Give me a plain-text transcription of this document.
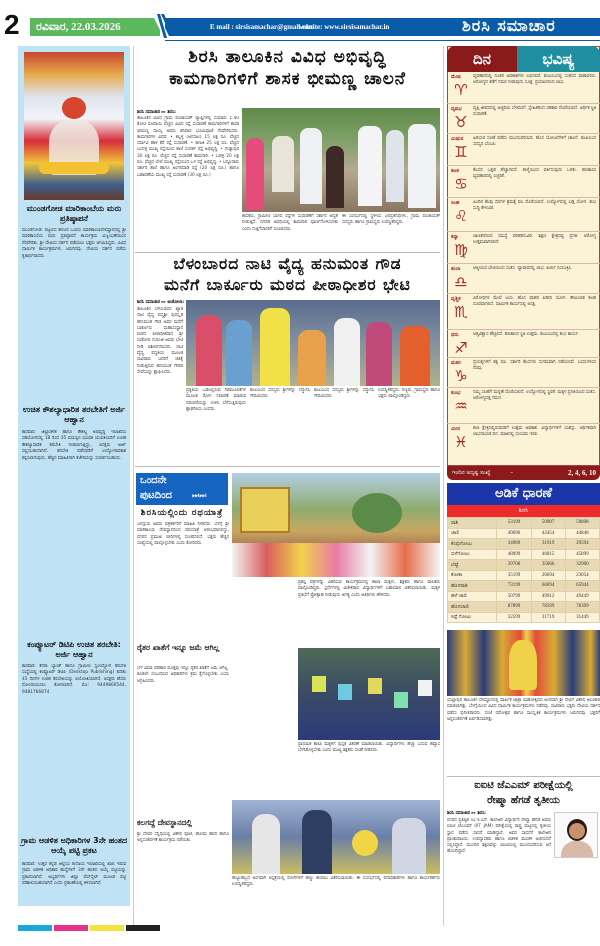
2	ರವಿವಾರ, 22.03.2026	E mail : sirsisamachar@gmail.com
website: www.sirsisamachar.in	ಶಿರಸಿ ಸಮಾಚಾರ
ಮುಂಡಗೋಡ ಮಾರಿಕಾಂಬೆಯ ಮರು ಪ್ರತಿಷ್ಠಾಪನೆ
ಮುಂಡಗೋಡ: ಪಟ್ಟಣದ ಹಳೂರ ಓಣಿಯ ಮಾರಿಕಾಂಬಾದೇವಸ್ಥಾನದಲ್ಲಿ ಶ್ರೀ ಮಾರಿಕಾಂಬೆಯ ಮರು ಪ್ರತಿಷ್ಠಾಪನೆ ಕಾರ್ಯಕ್ರಮ ವಿಜೃಂಭಣೆಯಿಂದ ನೆರವೇರಿತು. ಶ್ರೀ ದೇವಿಯ ದರ್ಶನ ಪಡೆಯಲು ಭಕ್ತರು ಆಗಮಿಸಿದ್ದರು. ವಿವಿಧ ಧಾರ್ಮಿಕ ಕಾರ್ಯಕ್ರಮಗಳು ಜರುಗಿದವು. ದೇವಿಯ ದರ್ಶನ ಪಡೆದು ಕೃತಾರ್ಥರಾದರು.
ಉಚಿತ ಕೌಶಲ್ಯಾಧಾರಿತ ತರಬೇತಿಗೆ ಅರ್ಜಿ ಆಹ್ವಾನ
ಕಾರವಾರ: ಜಿಲ್ಲಾಡಳಿತ ಹಾಗೂ ಕೌಶಲ್ಯ ಅಭಿವೃದ್ಧಿ ಇಲಾಖೆಯ ಸಹಯೋಗದಲ್ಲಿ 18 ರಿಂದ 35 ವಯಸ್ಸಿನ ಯುವಕ ಯುವತಿಯರಿಗೆ ಉಚಿತ ಕೌಶಲ್ಯಾಧಾರಿತ ತರಬೇತಿ ನೀಡಲಾಗುತ್ತಿದ್ದು, ಆಸಕ್ತರು ಅರ್ಜಿ ಸಲ್ಲಿಸಬಹುದಾಗಿದೆ. ತರಬೇತಿ ಪಡೆದವರಿಗೆ ಉದ್ಯೋಗಾವಕಾಶ ಕಲ್ಪಿಸಲಾಗುವುದು. ಹೆಚ್ಚಿನ ಮಾಹಿತಿಗಾಗಿ ಕಚೇರಿಯನ್ನು ಸಂಪರ್ಕಿಸಬಹುದು.
ಕಂಪ್ಯೂಟರ್ ಡಿಟಿಪಿ ಉಚಿತ ತರಬೇತಿ: ಅರ್ಜಿ ಆಹ್ವಾನ
ಕಾರವಾರ: ಕೆನರಾ ಬ್ಯಾಂಕ್ ಹಾಗೂ ಗ್ರಾಮೀಣ ಸ್ವಉದ್ಯೋಗ ತರಬೇತಿ ಸಂಸ್ಥೆಯಲ್ಲಿ ಕಂಪ್ಯೂಟರ್ ಡಿಟಿಪಿ (Desktop Publishing) ಕುರಿತು 45 ದಿನಗಳ ಉಚಿತ ತರಬೇತಿಯನ್ನು ಆಯೋಜಿಸಲಾಗಿದೆ. ಆಸಕ್ತರು ಹೆಸರು ನೋಂದಾಯಿಸಲು ಕೋರಲಾಗಿದೆ. ಮೊ: 9449860544, 9481766874
ಗ್ರಾಮ ಆಡಳಿತ ಅಧಿಕಾರಿಗಳ 3ನೇ ಹಂತದ ಆಯ್ಕೆ ಪಟ್ಟಿ ಪ್ರಕಟ
ಕಾರವಾರ: ಉತ್ತರ ಕನ್ನಡ ಜಿಲ್ಲೆಯ ಕಂದಾಯ ಇಲಾಖೆಯಲ್ಲಿ ಖಾಲಿ ಇರುವ ಗ್ರಾಮ ಆಡಳಿತ ಅಧಿಕಾರಿ ಹುದ್ದೆಗಳಿಗೆ 3ನೇ ಹಂತದ ಆಯ್ಕೆ ಪಟ್ಟಿಯನ್ನು ಪ್ರಕಟಿಸಲಾಗಿದೆ. ಅಭ್ಯರ್ಥಿಗಳು ಜಿಲ್ಲಾ ವೆಬ್‌ಸೈಟ್ ಮೂಲಕ ಪಟ್ಟಿ ಪರಿಶೀಲಿಸಬಹುದಾಗಿದೆ ಎಂದು ಪ್ರಕಟಣೆಯಲ್ಲಿ ತಿಳಿಸಲಾಗಿದೆ.
ಶಿರಸಿ ತಾಲೂಕಿನ ವಿವಿಧ ಅಭಿವೃದ್ಧಿ
ಕಾಮಗಾರಿಗಳಿಗೆ ಶಾಸಕ ಭೀಮಣ್ಣ ಚಾಲನೆ
ಶಿರಸಿ ಸಮಾಚಾರ ▸▸ ಶಿರಸಿ:
ತಾಲೂಕಿನ ವಿವಿಧ ಗ್ರಾಮ ಪಂಚಾಯತ್ ವ್ಯಾಪ್ತಿಗಳಲ್ಲಿ ಸುಮಾರು 1.40 ಕೋಟಿ ರೂಪಾಯಿ ವೆಚ್ಚದ ವಿವಿಧ ರಸ್ತೆ ಸುಧಾರಣೆ ಕಾಮಗಾರಿಗಳಿಗೆ ಶಾಸಕ ಭೀಮಣ್ಣ ನಾಯ್ಕ ಅವರು ಶನಿವಾರ ಭೂಮಿಪೂಜೆ ನೆರವೇರಿಸಿದರು. ಕಾಮಗಾರಿಗಳ ವಿವರ: • ಕಲ್ಲಳ್ಳಿ (ಅಗಸಾಲ) 15 ಲಕ್ಷ ರೂ. ವೆಚ್ಚದ ಸರ್ಪಾವಿ ಹಾಳಿ ಕೆರೆ ರಸ್ತೆ ಸುಧಾರಣೆ. • ಹಣಜಿ 25 ಲಕ್ಷ ರೂ. ವೆಚ್ಚದ ಬಂದಳ್ಳಿ ಮುಖ್ಯ ರಸ್ತೆಯಿಂದ ಶಾಲೆ ಸಂಪರ್ಕ ರಸ್ತೆ ಅಭಿವೃದ್ಧಿ. • ಗುಡ್ನಾಪುರ 30 ಲಕ್ಷ ರೂ. ವೆಚ್ಚದ ರಸ್ತೆ ಸುಧಾರಣೆ ಕಾಮಗಾರಿ. • ಬಡಳ್ಳಿ 20 ಲಕ್ಷ ರೂ. ವೆಚ್ಚದ ಬೇಲೆ ಮುಖ್ಯ ರಸ್ತೆಯಿಂದ ಒಳ ರಸ್ತೆ ಅಭಿವೃದ್ಧಿ. • ಬನ್ನೂರಾರು ಸರ್ಕಾರಿ ಶಾಲೆ ಹಾಗೂ ಅಂಗನವಾಡಿ ರಸ್ತೆ (20 ಲಕ್ಷ ರೂ.) ಹಾಗೂ ಬಡಾವಣೆಯ ಮುಖ್ಯ ರಸ್ತೆ ಸುಧಾರಣೆ (30 ಲಕ್ಷ ರೂ.)
ಶಾಸಕರು, ಗ್ರಾಮೀಣ ಭಾಗದ ರಸ್ತೆಗಳ ಸುಧಾರಣೆಗೆ ಸರ್ಕಾರ ಆದ್ಯತೆ ನೀಡುತ್ತಿದೆ. ನಿಗದಿತ ಅವಧಿಯಲ್ಲಿ ಕಾಮಗಾರಿ ಪೂರ್ಣಗೊಳಿಸಬೇಕು ಎಂದು ಗುತ್ತಿಗೆದಾರರಿಗೆ ಸೂಚಿಸಿದರು.
ಈ ಸಂದರ್ಭದಲ್ಲಿ ಸ್ಥಳೀಯ ಜನಪ್ರತಿನಿಧಿಗಳು, ಗ್ರಾಮ ಪಂಚಾಯತ್ ಸದಸ್ಯರು ಹಾಗೂ ಗ್ರಾಮಸ್ಥರು ಉಪಸ್ಥಿತರಿದ್ದರು.
ಬೆಳಂಬಾರದ ನಾಟಿ ವೈದ್ಯ ಹನುಮಂತ ಗೌಡ
ಮನೆಗೆ ಬಾರ್ಕೂರು ಮಠದ ಪೀಠಾಧೀಶರ ಭೇಟಿ
ಶಿರಸಿ ಸಮಾಚಾರ ▸▸ ಅಂಕೋಲಾ:
ತಾಲೂಕಿನ ಬೆಳಂಬಾರದ ಖ್ಯಾತ ನಾಟಿ ವೈದ್ಯ ಪದ್ಮಶ್ರೀ ಪುರಸ್ಕೃತ ಹನುಮಂತ ಗೌಡ ಅವರ ಮನೆಗೆ ಬಾರ್ಕೂರು ಮಹಾಸಂಸ್ಥಾನ ಮಠದ ಪೀಠಾಧೀಶರಾದ ಶ್ರೀ ಸಂತೋಷ ಗುರೂಜಿ ಅವರು ಭೇಟಿ ನೀಡಿ ಆಶೀರ್ವದಿಸಿದರು. ನಾಟಿ ವೈದ್ಯ ಪದ್ಧತಿಯ ಮೂಲಕ ಸಾವಿರಾರು ಜನರಿಗೆ ಚಿಕಿತ್ಸೆ ನೀಡುತ್ತಿರುವ ಹನುಮಂತ ಗೌಡರ ಸೇವೆಯನ್ನು ಶ್ಲಾಘಿಸಿದರು.
ಪ್ರಕೃತಿಯ ಒಡಲಲ್ಲಿರುವ ಗಿಡಮೂಲಿಕೆಗಳ ಮೂಲಕ ರೋಗ ನಿವಾರಣೆ ಮಾಡುವ ಪರಂಪರೆಯನ್ನು ಉಳಿಸಿ ಬೆಳೆಸುತ್ತಿರುವುದು ಶ್ಲಾಘನೀಯ ಎಂದರು.
ಕುಟುಂಬದ ಸದಸ್ಯರು ಶ್ರೀಗಳನ್ನು ಸನ್ಮಾನಿಸಿ ಗೌರವಿಸಿದರು.
ಕುಟುಂಬದ ಸದಸ್ಯರು ಶ್ರೀಗಳನ್ನು ಸನ್ಮಾನಿಸಿ ಗೌರವಿಸಿದರು.
ಉಪಸ್ಥಿತರಿದ್ದರು. ಗಣ್ಯರು, ಗ್ರಾಮಸ್ಥರು ಹಾಗೂ ಭಕ್ತರು ಪಾಲ್ಗೊಂಡಿದ್ದರು.
ಒಂದನೇ
ಪುಟದಿಂದ ⏭⏭
ಶಿರಸಿಯಲ್ಲಿಂದು ರಥಯಾತ್ರೆ
ಜಗದ್ಗುರು ಅವರು ಪತ್ರಕರ್ತರಿಗೆ ಮಾಹಿತಿ ನೀಡಿದರು. ಬೆಳಗ್ಗೆ ಶ್ರೀ ಮಾರಿಕಾಂಬಾ ದೇವಸ್ಥಾನದಿಂದ ರಥಯಾತ್ರೆ ಆರಂಭವಾಗಲಿದ್ದು, ನಗರದ ಪ್ರಮುಖ ಬೀದಿಗಳಲ್ಲಿ ಸಂಚರಿಸಲಿದೆ. ಭಕ್ತರು ಹೆಚ್ಚಿನ ಸಂಖ್ಯೆಯಲ್ಲಿ ಪಾಲ್ಗೊಳ್ಳಬೇಕು ಎಂದು ಕೋರಿದರು.
ರೈತರ ಖಾತೆಗೆ ಇನ್ನೂ ಜಮೆ ಆಗಿಲ್ಲ
ಬೆಳೆ ವಿಮಾ ಪರಿಹಾರ ಮೊತ್ತವು ಇನ್ನೂ ರೈತರ ಖಾತೆಗೆ ಜಮೆ ಆಗಿಲ್ಲ. ಕೂಡಲೇ ಸಂಬಂಧಿಸಿದ ಅಧಿಕಾರಿಗಳು ಕ್ರಮ ಕೈಗೊಳ್ಳಬೇಕು ಎಂದು ಆಗ್ರಹಿಸಿದರು.
ಕಲಗದ್ದೆ ದೇವಸ್ಥಾನದಲ್ಲಿ
ಶ್ರೀ ದೇವರ ಸನ್ನಿಧಿಯಲ್ಲಿ ವಿಶೇಷ ಪೂಜೆ, ಹೋಮ ಹವನ ಹಾಗೂ ಅನ್ನಸಂತರ್ಪಣೆ ಕಾರ್ಯಕ್ರಮ ನಡೆಯಿತು.
ಪ್ರಶಸ್ತಿ ಪತ್ರಗಳನ್ನು ವಿತರಿಸುವ ಕಾರ್ಯಕ್ರಮದಲ್ಲಿ ಶಾಲಾ ಮಕ್ಕಳು, ಶಿಕ್ಷಕರು ಹಾಗೂ ಪಾಲಕರು ಪಾಲ್ಗೊಂಡಿದ್ದರು. ಸ್ಪರ್ಧೆಗಳಲ್ಲಿ ವಿಜೇತರಾದ ವಿದ್ಯಾರ್ಥಿಗಳಿಗೆ ಬಹುಮಾನ ವಿತರಿಸಲಾಯಿತು. ಮಕ್ಕಳ ಪ್ರತಿಭೆಗೆ ಪ್ರೋತ್ಸಾಹ ನೀಡುವುದು ಅಗತ್ಯ ಎಂದು ಅತಿಥಿಗಳು ಹೇಳಿದರು.
ಪ್ರಾಥಮಿಕ ಶಾಲಾ ಮಕ್ಕಳಿಗೆ ಪುಸ್ತಕ ವಿತರಣೆ ಮಾಡಲಾಯಿತು. ವಿದ್ಯಾರ್ಥಿಗಳು ಹೆಚ್ಚು ಓದುವ ಹವ್ಯಾಸ ಬೆಳೆಸಿಕೊಳ್ಳಬೇಕು ಎಂದು ಮುಖ್ಯ ಶಿಕ್ಷಕರು ಸಲಹೆ ನೀಡಿದರು.
ಹುಟ್ಟುಹಬ್ಬದ ಅಂಗವಾಗಿ ಆಸ್ಪತ್ರೆಯಲ್ಲಿ ರೋಗಿಗಳಿಗೆ ಹಣ್ಣು ಹಂಪಲು ವಿತರಿಸಲಾಯಿತು. ಈ ಸಂದರ್ಭದಲ್ಲಿ ಪದಾಧಿಕಾರಿಗಳು ಹಾಗೂ ಕಾರ್ಯಕರ್ತರು ಉಪಸ್ಥಿತರಿದ್ದರು.
ದಿನ	ಭವಿಷ್ಯ
ಮೇಷ
♈
ವ್ಯವಹಾರದಲ್ಲಿ ನೂತನ ಅವಕಾಶಗಳು ಲಭಿಸಲಿವೆ. ಕುಟುಂಬದಲ್ಲಿ ಸಂತಸದ ವಾತಾವರಣ. ಆರೋಗ್ಯದ ಕಡೆಗೆ ಗಮನ ನೀಡುವುದು ಸೂಕ್ತ. ಪ್ರಯಾಣದಿಂದ ಲಾಭ.
ವೃಷಭ
♉
ವೃತ್ತಿ ಜೀವನದಲ್ಲಿ ಅಚ್ಚರಿಯ ಬೆಳವಣಿಗೆ. ಸ್ನೇಹಿತರಿಂದ ಸಹಕಾರ ದೊರೆಯಲಿದೆ. ಆರ್ಥಿಕ ಸ್ಥಿತಿ ಸುಧಾರಣೆ.
ಮಿಥುನ
♊
ಹಿರಿಯರ ಸಲಹೆ ಪಡೆದು ಮುಂದುವರಿಯಿರಿ. ಹೊಸ ಯೋಜನೆಗಳಿಗೆ ಚಾಲನೆ. ಕುಟುಂಬದ ಸದಸ್ಯರ ಬೆಂಬಲ.
ಕಟಕ
♋
ಕೆಲಸದ ಒತ್ತಡ ಹೆಚ್ಚಾಗಲಿದೆ. ತಾಳ್ಮೆಯಿಂದ ವರ್ತಿಸುವುದು ಒಳಿತು. ಹಣಕಾಸಿನ ವ್ಯವಹಾರದಲ್ಲಿ ಎಚ್ಚರಿಕೆ.
ಸಿಂಹ
♌
ಹಿಂದಿನ ಕೆಲವು ದಿನಗಳ ಶ್ರಮಕ್ಕೆ ಫಲ ದೊರೆಯಲಿದೆ. ಉದ್ಯೋಗದಲ್ಲಿ ಬಡ್ತಿ ಯೋಗ. ಶುಭ ಸುದ್ದಿ ಕೇಳುವಿರಿ.
ಕನ್ಯಾ
♍
ಜಾಣತನದಿಂದ ಸಮಸ್ಯೆ ಪರಿಹರಿಸುವಿರಿ. ಶಿಕ್ಷಣ ಕ್ಷೇತ್ರದಲ್ಲಿ ಪ್ರಗತಿ. ಆರೋಗ್ಯ ಉತ್ತಮವಾಗಿರಲಿದೆ.
ತುಲಾ
♎
ಆತ್ಮೀಯರ ಭೇಟಿಯಿಂದ ಸಂತಸ. ವ್ಯಾಪಾರದಲ್ಲಿ ಲಾಭ. ಖರ್ಚು ನಿಯಂತ್ರಿಸಿ.
ವೃಶ್ಚಿಕ
♏
ವಿರೋಧಿಗಳ ಮೇಲೆ ಜಯ. ಹೊಸ ವಾಹನ ಖರೀದಿ ಯೋಗ. ಕೌಟುಂಬಿಕ ಕಲಹ ದೂರವಾಗಲಿದೆ. ಧಾರ್ಮಿಕ ಕಾರ್ಯದಲ್ಲಿ ಆಸಕ್ತಿ.
ಧನು
♐
ಆತ್ಮವಿಶ್ವಾಸ ಹೆಚ್ಚಲಿದೆ. ಹಣಕಾಸಿನ ಸ್ಥಿತಿ ಉತ್ತಮ. ಕುಟುಂಬದಲ್ಲಿ ಶುಭ ಕಾರ್ಯ.
ಮಕರ
♑
ಪ್ರಯತ್ನಗಳಿಗೆ ತಕ್ಕ ಫಲ. ಸರ್ಕಾರಿ ಕೆಲಸಗಳು ಸುಗಮವಾಗಿ ನಡೆಯಲಿವೆ. ಬಂಧುಗಳಿಂದ ನೆರವು.
ಕುಂಭ
♒
ನಿಮ್ಮ ಸಲಹೆಗೆ ಮನ್ನಣೆ ದೊರೆಯಲಿದೆ. ಉದ್ಯೋಗದಲ್ಲಿ ಸ್ಥಿರತೆ. ಮಕ್ಕಳ ಪ್ರಗತಿಯಿಂದ ಸಂತಸ. ಆರೋಗ್ಯದತ್ತ ಗಮನ.
ಮೀನ
♓
ಕಲಾ ಕ್ಷೇತ್ರದಲ್ಲಿರುವವರಿಗೆ ಉತ್ತಮ ಅವಕಾಶ. ವಿದ್ಯಾರ್ಥಿಗಳಿಗೆ ಯಶಸ್ಸು. ಆರ್ಥಿಕವಾಗಿ ಲಾಭದಾಯಕ ದಿನ. ಮಾತಿನಲ್ಲಿ ಸಂಯಮ ಇರಲಿ.
ಇಂದಿನ ಅದೃಷ್ಟ ಸಂಖ್ಯೆ	–	2, 4, 6, 10
ಅಡಿಕೆ ಧಾರಣೆ
ಶಿರಸಿ
ರಾಶಿ	53199	50907	50898
ಚಾಲಿ	49696	42454	44848
ಕೆಂಪುಗೋಟು	34989	31919	29594
ಬಿಳೆಗೋಟು	48099	46815	45899
ಬೆಟ್ಟೆ	39700	35666	32900
ಕೋಕಾ	35199	26694	23054
ಹೊಸರಾಶಿ	73199	66094	65944
ಹಳೆ ಚಾಲಿ	50799	49912	49449
ಹೊಸಚಾಲಿ	87899	78399	78399
ಸಿಪ್ಪೆ ಗೋಟು	32599	31719	31449
ಯಲ್ಲಾಪುರ ತಾಲೂಕಿನ ದೇವಸ್ಥಾನದಲ್ಲಿ ವಾರ್ಷಿಕ ಜಾತ್ರಾ ಮಹೋತ್ಸವದ ಅಂಗವಾಗಿ ಶ್ರೀ ದೇವಿಗೆ ವಿಶೇಷ ಅಲಂಕಾರ ಮಾಡಲಾಗಿತ್ತು. ಬೆಳಗ್ಗೆಯಿಂದ ವಿವಿಧ ಧಾರ್ಮಿಕ ಕಾರ್ಯಕ್ರಮಗಳು ನಡೆದವು. ಸಾವಿರಾರು ಭಕ್ತರು ದೇವಿಯ ದರ್ಶನ ಪಡೆದು ಪುನೀತರಾದರು. ಸಂಜೆ ರಥೋತ್ಸವ ಹಾಗೂ ಸಾಂಸ್ಕೃತಿಕ ಕಾರ್ಯಕ್ರಮಗಳು ಜರುಗಿದವು. ಭಕ್ತರಿಗೆ ಅನ್ನಸಂತರ್ಪಣೆ ಏರ್ಪಡಿಸಲಾಗಿತ್ತು.
ಐಐಟಿ ಜೆಎಎಮ್ ಪರೀಕ್ಷೆಯಲ್ಲಿ
ರೇಷ್ಮಾ ಹೆಗಡೆ ತೃತೀಯ
ಶಿರಸಿ ಸಮಾಚಾರ ▸▸ ಶಿರಸಿ:
ನಗರದ ಪ್ರತಿಷ್ಠಿತ ಎಂ.ಇ.ಎಸ್. ಕಾಲೇಜಿನ ವಿದ್ಯಾರ್ಥಿನಿ ರೇಷ್ಮಾ ಹೆಗಡೆ ಅವರು ಐಐಟಿ ಜೆಎಎಮ್ (IIT JAM) ಪರೀಕ್ಷೆಯಲ್ಲಿ ರಾಷ್ಟ್ರ ಮಟ್ಟದಲ್ಲಿ ತೃತೀಯ ಸ್ಥಾನ ಪಡೆದು ಸಾಧನೆ ಮಾಡಿದ್ದಾರೆ. ಅವರ ಸಾಧನೆಗೆ ಕಾಲೇಜಿನ ಪ್ರಾಂಶುಪಾಲರು, ಉಪನ್ಯಾಸಕರು ಹಾಗೂ ಆಡಳಿತ ಮಂಡಳಿ ಅಭಿನಂದನೆ ಸಲ್ಲಿಸಿದ್ದಾರೆ. ಮುಂದಿನ ಶಿಕ್ಷಣವನ್ನು ಐಐಟಿಯಲ್ಲಿ ಮುಂದುವರಿಸುವ ಆಸೆ ಹೊಂದಿದ್ದಾರೆ.
